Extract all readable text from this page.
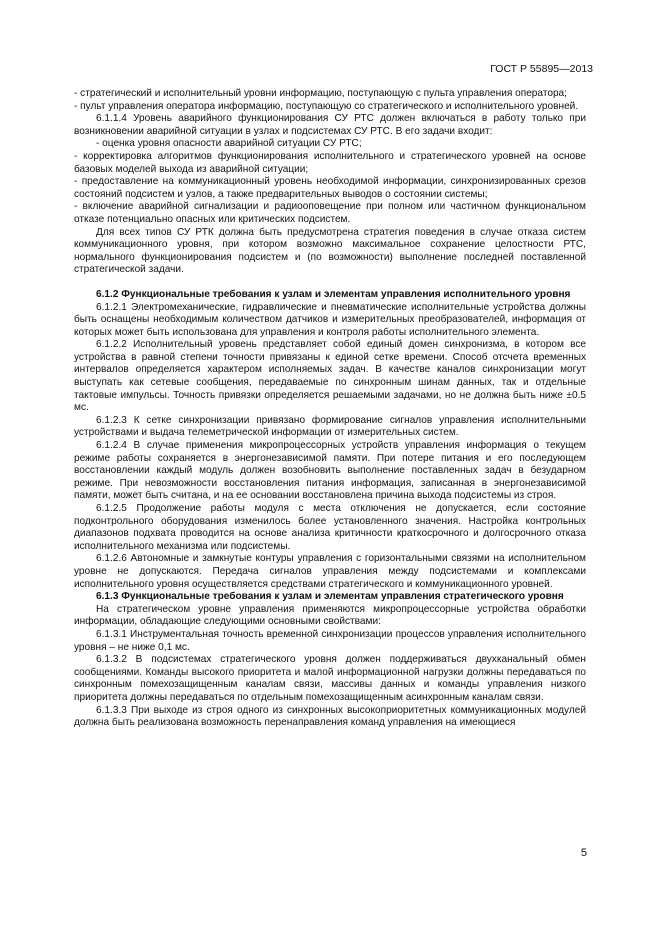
ГОСТ Р 55895—2013

- стратегический и исполнительный уровни информацию, поступающую с пульта управления оператора;

- пульт управления оператора информацию, поступающую со стратегического и исполнительного уровней.

6.1.1.4 Уровень аварийного функционирования СУ РТС должен включаться в работу только при возникновении аварийной ситуации в узлах и подсистемах СУ РТС. В его задачи входит:

- оценка уровня опасности аварийной ситуации СУ РТС;

- корректировка алгоритмов функционирования исполнительного и стратегического уровней на основе базовых моделей выхода из аварийной ситуации;

- предоставление на коммуникационный уровень необходимой информации, синхронизированных срезов состояний подсистем и узлов, а также предварительных выводов о состоянии системы;

- включение аварийной сигнализации и радиооповещение при полном или частичном функциональном отказе потенциально опасных или критических подсистем.

Для всех типов СУ РТК должна быть предусмотрена стратегия поведения в случае отказа систем коммуникационного уровня, при котором возможно максимальное сохранение целостности РТС, нормального функционирования подсистем и (по возможности) выполнение последней поставленной стратегической задачи.

6.1.2 Функциональные требования к узлам и элементам управления исполнительного уровня

6.1.2.1 Электромеханические, гидравлические и пневматические исполнительные устройства должны быть оснащены необходимым количеством датчиков и измерительных преобразователей, информация от которых может быть использована для управления и контроля работы исполнительного элемента.

6.1.2.2 Исполнительный уровень представляет собой единый домен синхронизма, в котором все устройства в равной степени точности привязаны к единой сетке времени. Способ отсчета временных интервалов определяется характером исполняемых задач. В качестве каналов синхронизации могут выступать как сетевые сообщения, передаваемые по синхронным шинам данных, так и отдельные тактовые импульсы. Точность привязки определяется решаемыми задачами, но не должна быть ниже ±0.5 мс.

6.1.2.3 К сетке синхронизации привязано формирование сигналов управления исполнительными устройствами и выдача телеметрической информации от измерительных систем.

6.1.2.4 В случае применения микропроцессорных устройств управления информация о текущем режиме работы сохраняется в энергонезависимой памяти. При потере питания и его последующем восстановлении каждый модуль должен возобновить выполнение поставленных задач в безударном режиме. При невозможности восстановления питания информация, записанная в энергонезависимой памяти, может быть считана, и на ее основании восстановлена причина выхода подсистемы из строя.

6.1.2.5 Продолжение работы модуля с места отключения не допускается, если состояние подконтрольного оборудования изменилось более установленного значения. Настройка контрольных диапазонов подхвата проводится на основе анализа критичности краткосрочного и долгосрочного отказа исполнительного механизма или подсистемы.

6.1.2.6 Автономные и замкнутые контуры управления с горизонтальными связями на исполнительном уровне не допускаются. Передача сигналов управления между подсистемами и комплексами исполнительного уровня осуществляется средствами стратегического и коммуникационного уровней.

6.1.3 Функциональные требования к узлам и элементам управления стратегического уровня

На стратегическом уровне управления применяются микропроцессорные устройства обработки информации, обладающие следующими основными свойствами:

6.1.3.1 Инструментальная точность временной синхронизации процессов управления исполнительного уровня – не ниже 0,1 мс.

6.1.3.2 В подсистемах стратегического уровня должен поддерживаться двухканальный обмен сообщениями. Команды высокого приоритета и малой информационной нагрузки должны передаваться по синхронным помехозащищенным каналам связи, массивы данных и команды управления низкого приоритета должны передаваться по отдельным помехозащищенным асинхронным каналам связи.

6.1.3.3 При выходе из строя одного из синхронных высокоприоритетных коммуникационных модулей должна быть реализована возможность перенаправления команд управления на имеющиеся

5
